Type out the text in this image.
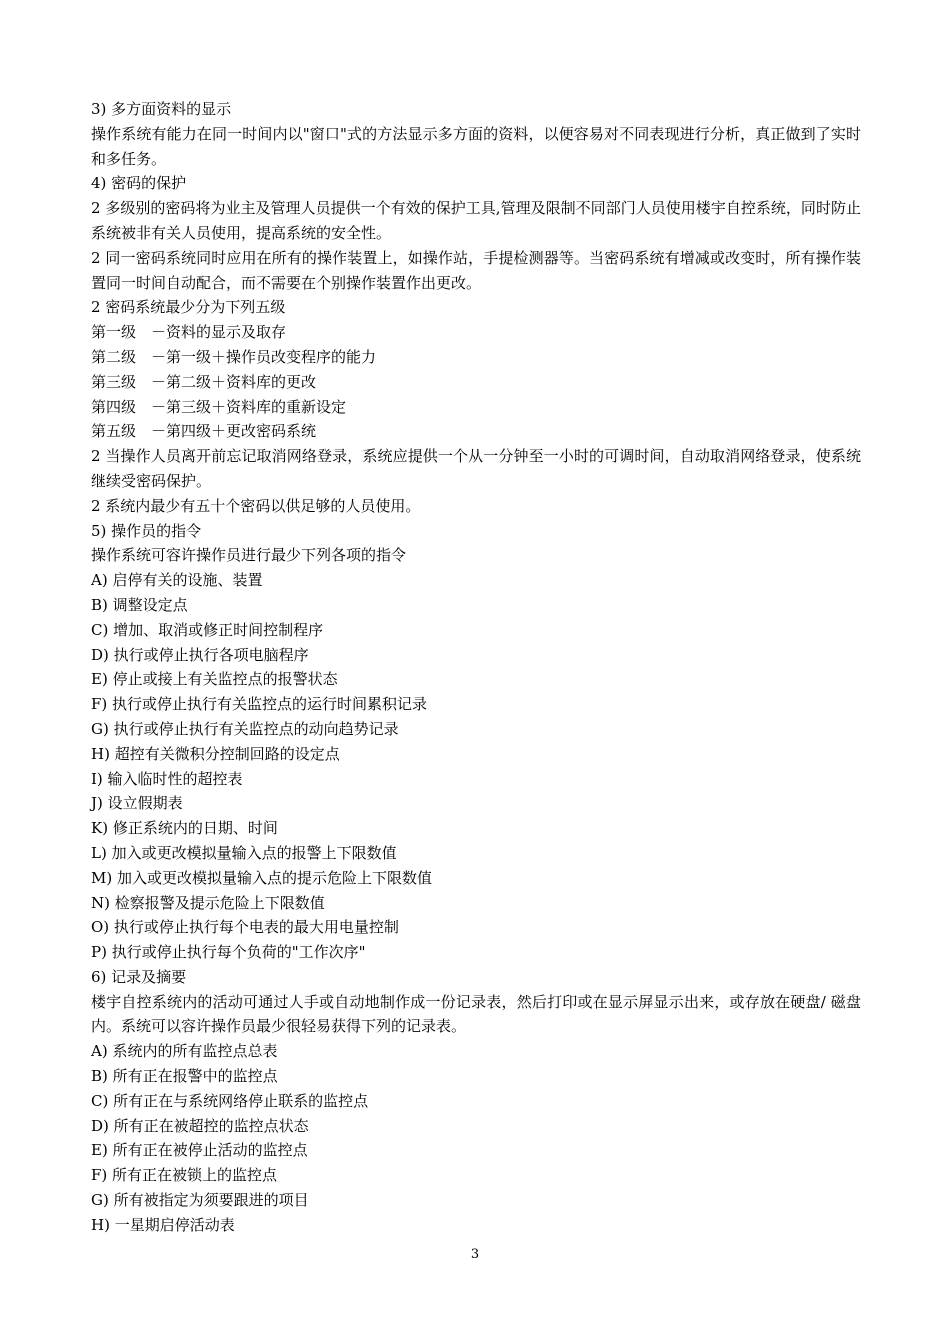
3) 多方面资料的显示
操作系统有能力在同一时间内以"窗口"式的方法显示多方面的资料，以便容易对不同表现进行分析，真正做到了实时和多任务。
4) 密码的保护
2 多级别的密码将为业主及管理人员提供一个有效的保护工具,管理及限制不同部门人员使用楼宇自控系统，同时防止系统被非有关人员使用，提高系统的安全性。
2 同一密码系统同时应用在所有的操作装置上，如操作站，手提检测器等。当密码系统有增减或改变时，所有操作装置同一时间自动配合，而不需要在个别操作装置作出更改。
2 密码系统最少分为下列五级
第一级　－资料的显示及取存
第二级　－第一级＋操作员改变程序的能力
第三级　－第二级＋资料库的更改
第四级　－第三级＋资料库的重新设定
第五级　－第四级＋更改密码系统
2 当操作人员离开前忘记取消网络登录，系统应提供一个从一分钟至一小时的可调时间，自动取消网络登录，使系统继续受密码保护。
2 系统内最少有五十个密码以供足够的人员使用。
5) 操作员的指令
操作系统可容许操作员进行最少下列各项的指令
A) 启停有关的设施、装置
B) 调整设定点
C) 增加、取消或修正时间控制程序
D) 执行或停止执行各项电脑程序
E) 停止或接上有关监控点的报警状态
F) 执行或停止执行有关监控点的运行时间累积记录
G) 执行或停止执行有关监控点的动向趋势记录
H) 超控有关微积分控制回路的设定点
I) 输入临时性的超控表
J) 设立假期表
K) 修正系统内的日期、时间
L) 加入或更改模拟量输入点的报警上下限数值
M) 加入或更改模拟量输入点的提示危险上下限数值
N) 检察报警及提示危险上下限数值
O) 执行或停止执行每个电表的最大用电量控制
P) 执行或停止执行每个负荷的"工作次序"
6) 记录及摘要
楼宇自控系统内的活动可通过人手或自动地制作成一份记录表，然后打印或在显示屏显示出来，或存放在硬盘/ 磁盘内。系统可以容许操作员最少很轻易获得下列的记录表。
A) 系统内的所有监控点总表
B) 所有正在报警中的监控点
C) 所有正在与系统网络停止联系的监控点
D) 所有正在被超控的监控点状态
E) 所有正在被停止活动的监控点
F) 所有正在被锁上的监控点
G) 所有被指定为须要跟进的项目
H) 一星期启停活动表
3
